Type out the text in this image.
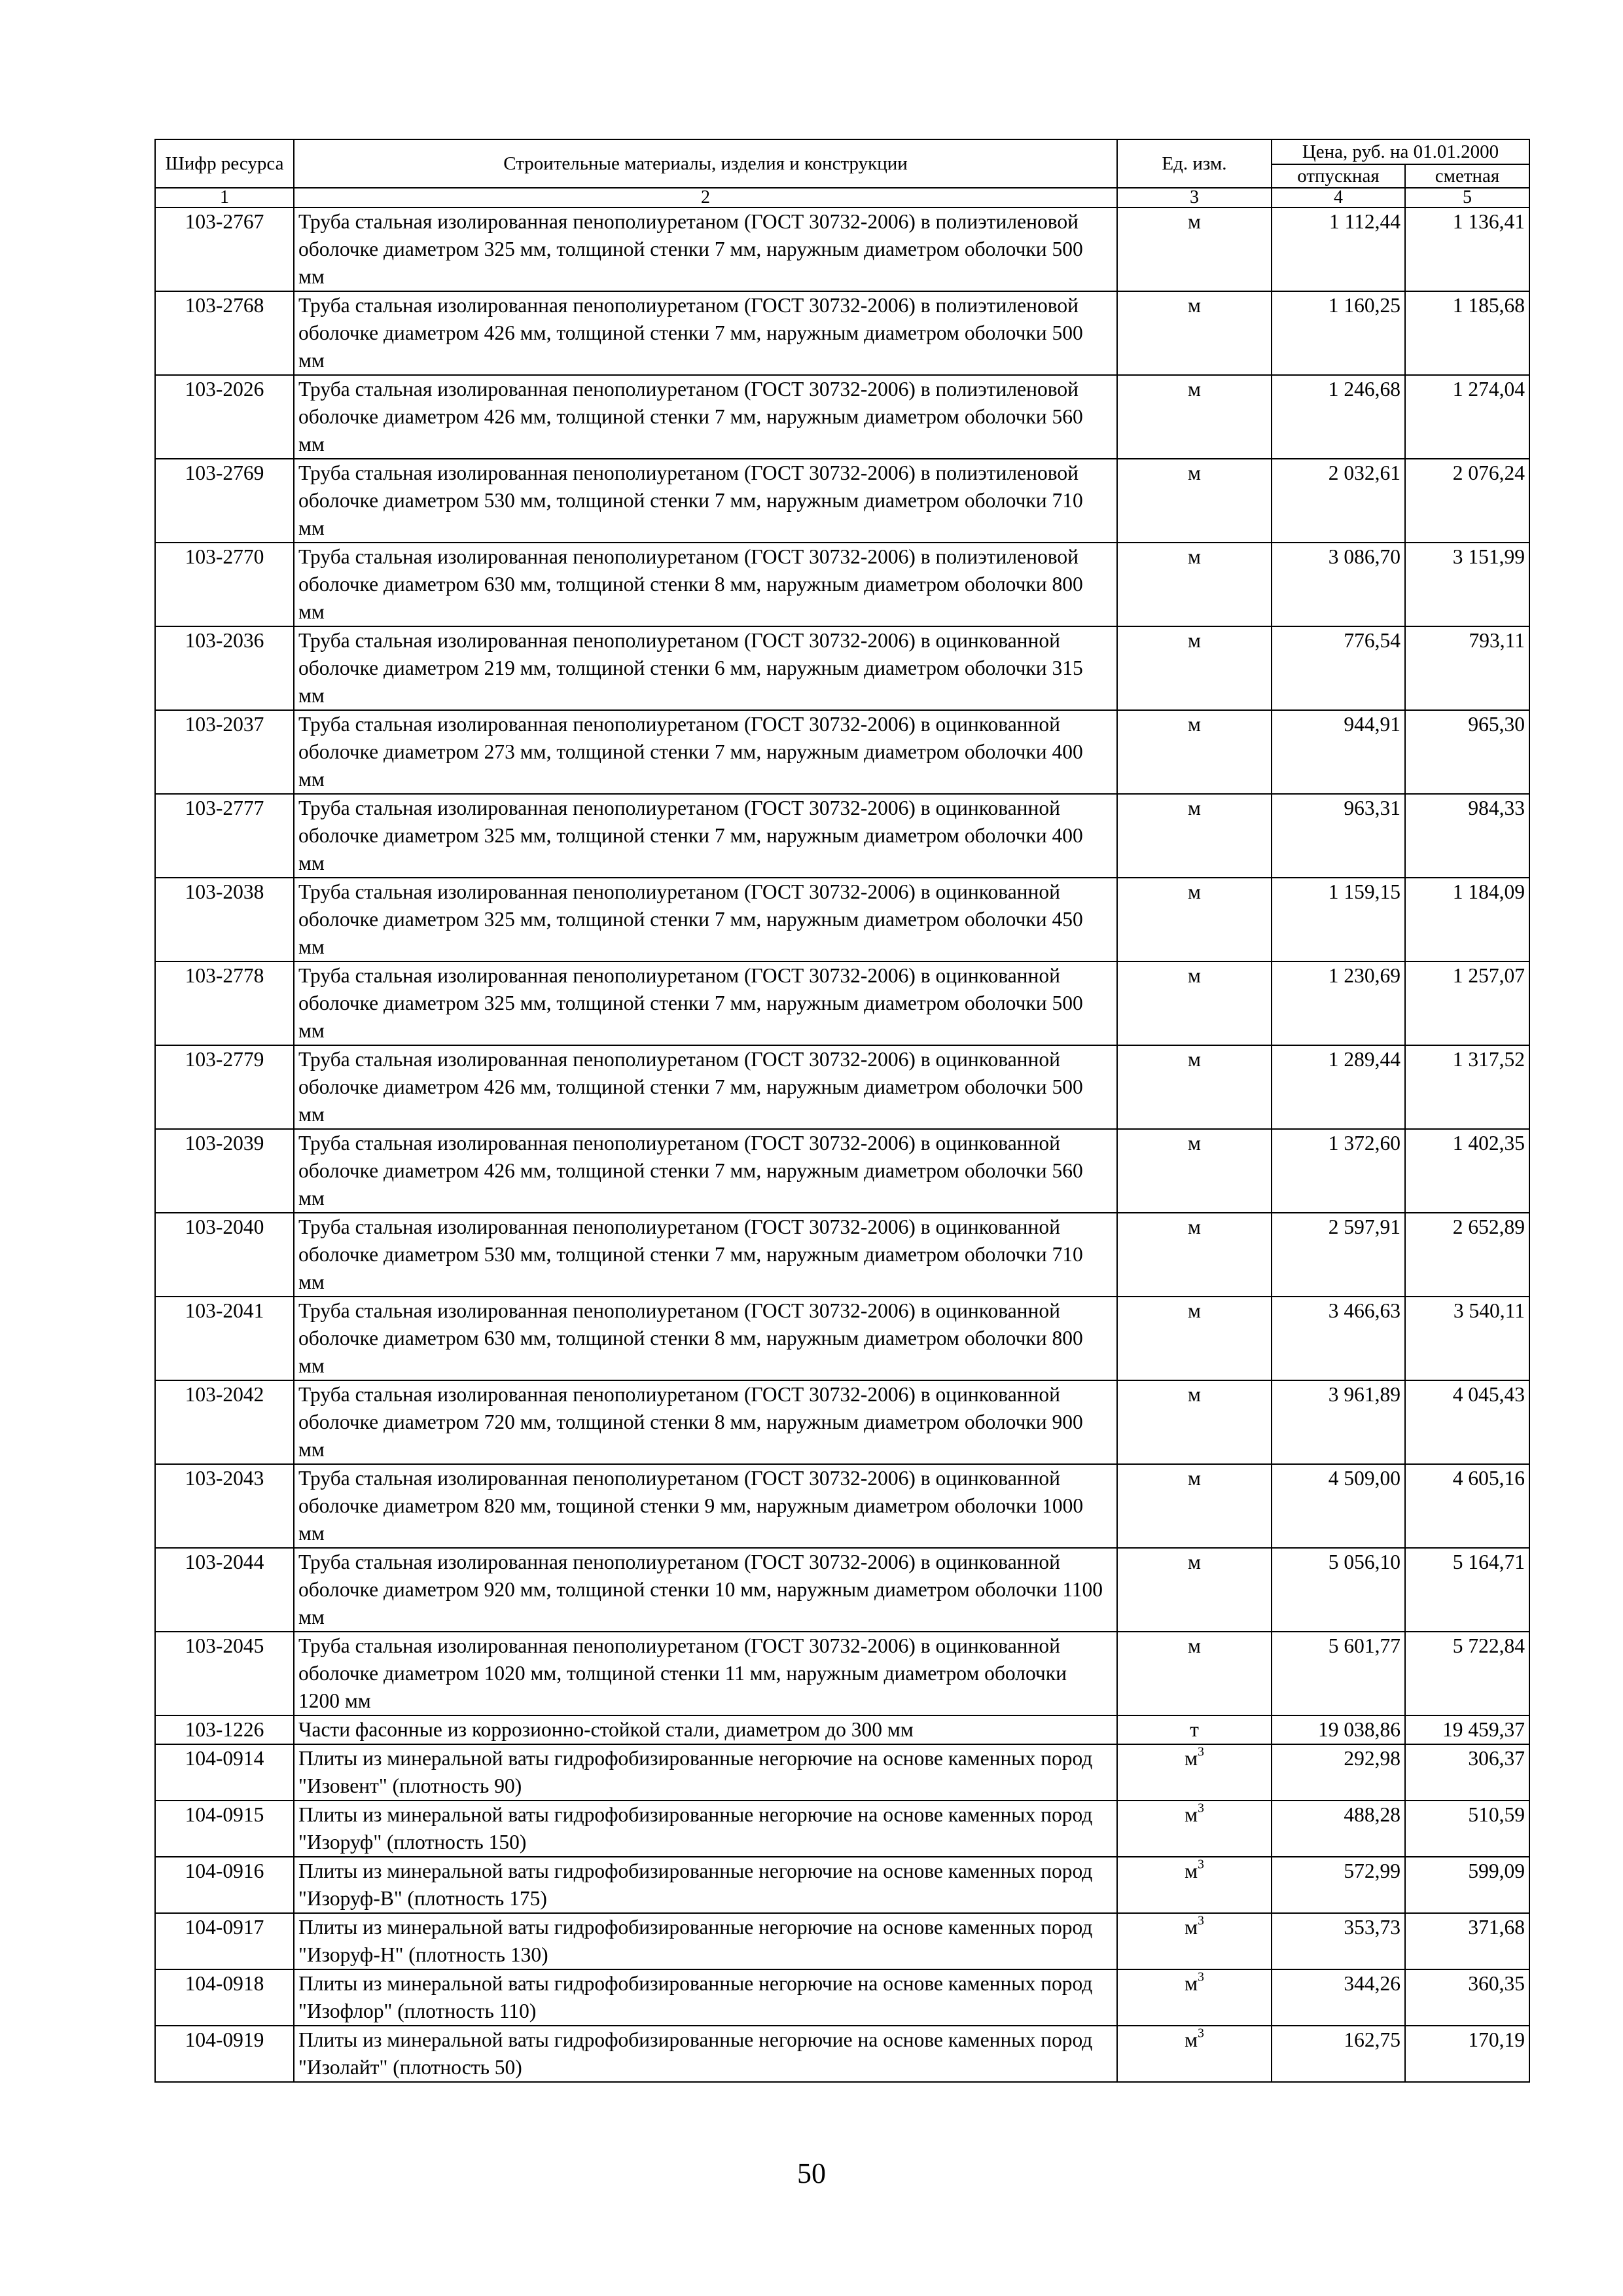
Шифр ресурса	Строительные материалы, изделия и конструкции	Ед. изм.	Цена, руб. на 01.01.2000	
			отпускная	сметная
1	2	3	4	5
103-2767	Труба стальная изолированная пенополиуретаном (ГОСТ 30732-2006) в полиэтиленовой оболочке диаметром 325 мм, толщиной стенки 7 мм, наружным диаметром оболочки 500 мм	м	1 112,44	1 136,41
103-2768	Труба стальная изолированная пенополиуретаном (ГОСТ 30732-2006) в полиэтиленовой оболочке диаметром 426 мм, толщиной стенки 7 мм, наружным диаметром оболочки 500 мм	м	1 160,25	1 185,68
103-2026	Труба стальная изолированная пенополиуретаном (ГОСТ 30732-2006) в полиэтиленовой оболочке диаметром 426 мм, толщиной стенки 7 мм, наружным диаметром оболочки 560 мм	м	1 246,68	1 274,04
103-2769	Труба стальная изолированная пенополиуретаном (ГОСТ 30732-2006) в полиэтиленовой оболочке диаметром 530 мм, толщиной стенки 7 мм, наружным диаметром оболочки 710 мм	м	2 032,61	2 076,24
103-2770	Труба стальная изолированная пенополиуретаном (ГОСТ 30732-2006) в полиэтиленовой оболочке диаметром 630 мм, толщиной стенки 8 мм, наружным диаметром оболочки 800 мм	м	3 086,70	3 151,99
103-2036	Труба стальная изолированная пенополиуретаном (ГОСТ 30732-2006) в оцинкованной оболочке диаметром 219 мм, толщиной стенки 6 мм, наружным диаметром оболочки 315 мм	м	776,54	793,11
103-2037	Труба стальная изолированная пенополиуретаном (ГОСТ 30732-2006) в оцинкованной оболочке диаметром 273 мм, толщиной стенки 7 мм, наружным диаметром оболочки 400 мм	м	944,91	965,30
103-2777	Труба стальная изолированная пенополиуретаном (ГОСТ 30732-2006) в оцинкованной оболочке диаметром 325 мм, толщиной стенки 7 мм, наружным диаметром оболочки 400 мм	м	963,31	984,33
103-2038	Труба стальная изолированная пенополиуретаном (ГОСТ 30732-2006) в оцинкованной оболочке диаметром 325 мм, толщиной стенки 7 мм, наружным диаметром оболочки 450 мм	м	1 159,15	1 184,09
103-2778	Труба стальная изолированная пенополиуретаном (ГОСТ 30732-2006) в оцинкованной оболочке диаметром 325 мм, толщиной стенки 7 мм, наружным диаметром оболочки 500 мм	м	1 230,69	1 257,07
103-2779	Труба стальная изолированная пенополиуретаном (ГОСТ 30732-2006) в оцинкованной оболочке диаметром 426 мм, толщиной стенки 7 мм, наружным диаметром оболочки 500 мм	м	1 289,44	1 317,52
103-2039	Труба стальная изолированная пенополиуретаном (ГОСТ 30732-2006) в оцинкованной оболочке диаметром 426 мм, толщиной стенки 7 мм, наружным диаметром оболочки 560 мм	м	1 372,60	1 402,35
103-2040	Труба стальная изолированная пенополиуретаном (ГОСТ 30732-2006) в оцинкованной оболочке диаметром 530 мм, толщиной стенки 7 мм, наружным диаметром оболочки 710 мм	м	2 597,91	2 652,89
103-2041	Труба стальная изолированная пенополиуретаном (ГОСТ 30732-2006) в оцинкованной оболочке диаметром 630 мм, толщиной стенки 8 мм, наружным диаметром оболочки 800 мм	м	3 466,63	3 540,11
103-2042	Труба стальная изолированная пенополиуретаном (ГОСТ 30732-2006) в оцинкованной оболочке диаметром 720 мм, толщиной стенки 8 мм, наружным диаметром оболочки 900 мм	м	3 961,89	4 045,43
103-2043	Труба стальная изолированная пенополиуретаном (ГОСТ 30732-2006) в оцинкованной оболочке диаметром 820 мм, тощиной стенки 9 мм, наружным диаметром оболочки 1000 мм	м	4 509,00	4 605,16
103-2044	Труба стальная изолированная пенополиуретаном (ГОСТ 30732-2006) в оцинкованной оболочке диаметром 920 мм, толщиной стенки 10 мм, наружным диаметром оболочки 1100 мм	м	5 056,10	5 164,71
103-2045	Труба стальная изолированная пенополиуретаном (ГОСТ 30732-2006) в оцинкованной оболочке диаметром 1020 мм, толщиной стенки 11 мм, наружным диаметром оболочки 1200 мм	м	5 601,77	5 722,84
103-1226	Части фасонные из коррозионно-стойкой стали, диаметром до 300 мм	т	19 038,86	19 459,37
104-0914	Плиты из минеральной ваты гидрофобизированные негорючие на основе каменных пород "Изовент" (плотность 90)	$м^3$	292,98	306,37
104-0915	Плиты из минеральной ваты гидрофобизированные негорючие на основе каменных пород "Изоруф" (плотность 150)	$м^3$	488,28	510,59
104-0916	Плиты из минеральной ваты гидрофобизированные негорючие на основе каменных пород "Изоруф-В" (плотность 175)	$м^3$	572,99	599,09
104-0917	Плиты из минеральной ваты гидрофобизированные негорючие на основе каменных пород "Изоруф-Н" (плотность 130)	$м^3$	353,73	371,68
104-0918	Плиты из минеральной ваты гидрофобизированные негорючие на основе каменных пород "Изофлор" (плотность 110)	$м^3$	344,26	360,35
104-0919	Плиты из минеральной ваты гидрофобизированные негорючие на основе каменных пород "Изолайт" (плотность 50)	$м^3$	162,75	170,19
50
